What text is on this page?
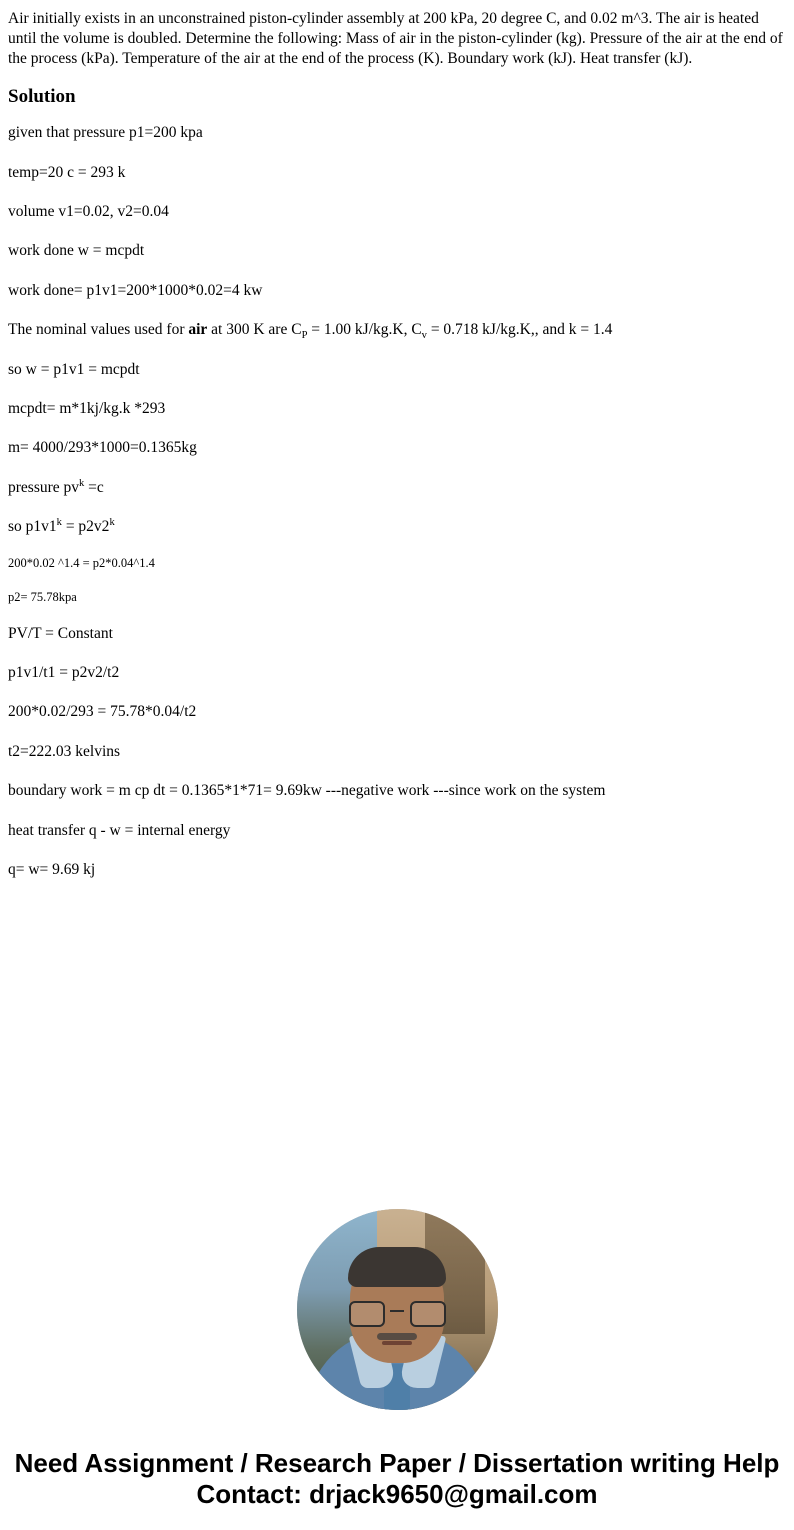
Air initially exists in an unconstrained piston-cylinder assembly at 200 kPa, 20 degree C, and 0.02 m^3. The air is heated until the volume is doubled. Determine the following: Mass of air in the piston-cylinder (kg). Pressure of the air at the end of the process (kPa). Temperature of the air at the end of the process (K). Boundary work (kJ). Heat transfer (kJ).

Solution

given that pressure p1=200 kpa

temp=20 c = 293 k

volume v1=0.02, v2=0.04

work done w = mcpdt

work done= p1v1=200*1000*0.02=4 kw

The nominal values used for air at 300 K are $C_P = 1.00$ kJ/kg.K, $C_v = 0.718$ kJ/kg.K,, and k = 1.4

so w = p1v1 = mcpdt

mcpdt= m*1kj/kg.k *293

m= 4000/293*1000=0.1365kg

pressure $pv^k =c$

so $p1v1^k = p2v2^k$

200*0.02 ^1.4 = p2*0.04^1.4

p2= 75.78kpa

PV/T = Constant

p1v1/t1 = p2v2/t2

200*0.02/293 = 75.78*0.04/t2

t2=222.03 kelvins

boundary work = m cp dt = 0.1365*1*71= 9.69kw ---negative work ---since work on the system

heat transfer q - w = internal energy

q= w= 9.69 kj

Need Assignment / Research Paper / Dissertation writing Help
Contact: drjack9650@gmail.com
